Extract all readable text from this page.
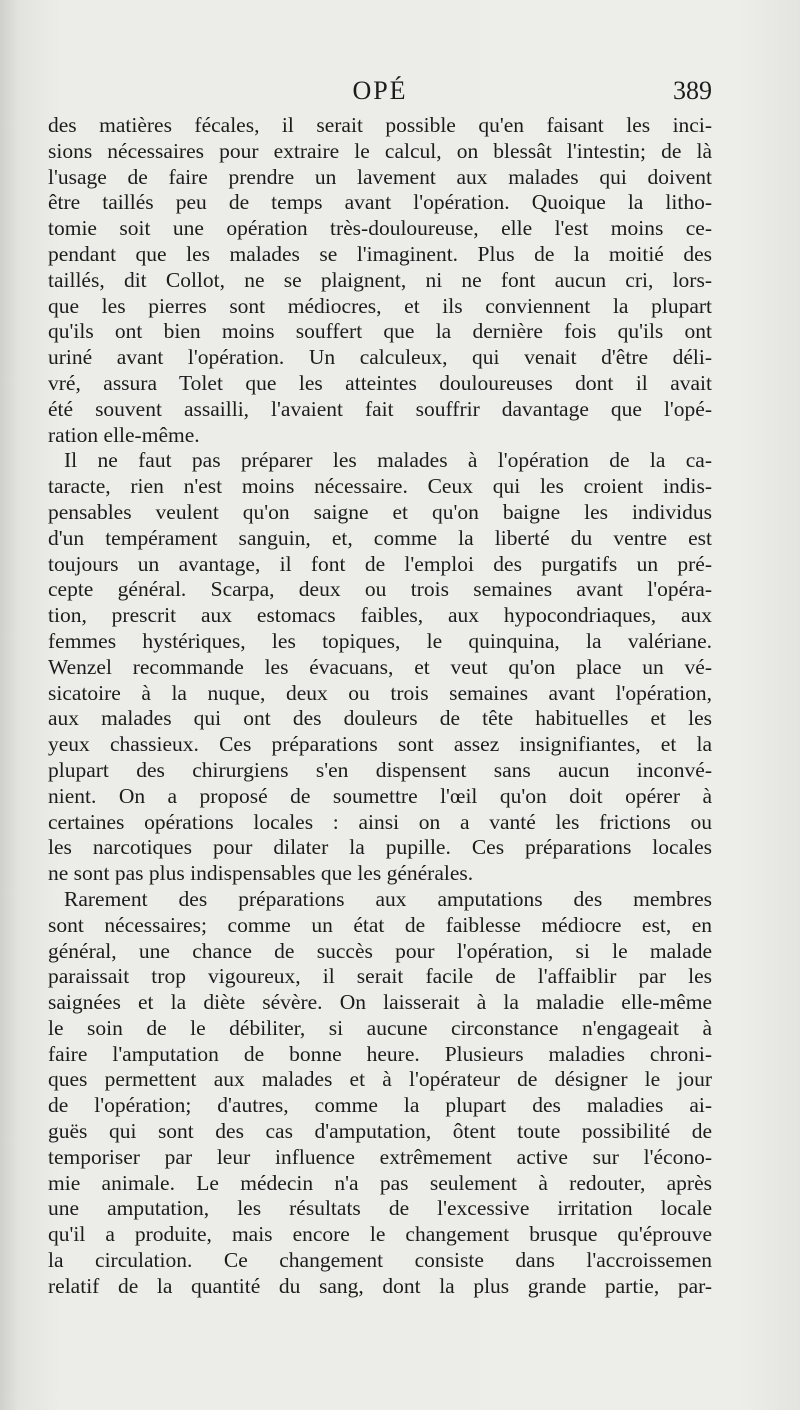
OPÉ	389
des matières fécales, il serait possible qu'en faisant les inci-
sions nécessaires pour extraire le calcul, on blessât l'intestin; de là
l'usage de faire prendre un lavement aux malades qui doivent
être taillés peu de temps avant l'opération. Quoique la litho-
tomie soit une opération très-douloureuse, elle l'est moins ce-
pendant que les malades se l'imaginent. Plus de la moitié des
taillés, dit Collot, ne se plaignent, ni ne font aucun cri, lors-
que les pierres sont médiocres, et ils conviennent la plupart
qu'ils ont bien moins souffert que la dernière fois qu'ils ont
uriné avant l'opération. Un calculeux, qui venait d'être déli-
vré, assura Tolet que les atteintes douloureuses dont il avait
été souvent assailli, l'avaient fait souffrir davantage que l'opé-
ration elle-même.
Il ne faut pas préparer les malades à l'opération de la ca-
taracte, rien n'est moins nécessaire. Ceux qui les croient indis-
pensables veulent qu'on saigne et qu'on baigne les individus
d'un tempérament sanguin, et, comme la liberté du ventre est
toujours un avantage, il font de l'emploi des purgatifs un pré-
cepte général. Scarpa, deux ou trois semaines avant l'opéra-
tion, prescrit aux estomacs faibles, aux hypocondriaques, aux
femmes hystériques, les topiques, le quinquina, la valériane.
Wenzel recommande les évacuans, et veut qu'on place un vé-
sicatoire à la nuque, deux ou trois semaines avant l'opération,
aux malades qui ont des douleurs de tête habituelles et les
yeux chassieux. Ces préparations sont assez insignifiantes, et la
plupart des chirurgiens s'en dispensent sans aucun inconvé-
nient. On a proposé de soumettre l'œil qu'on doit opérer à
certaines opérations locales : ainsi on a vanté les frictions ou
les narcotiques pour dilater la pupille. Ces préparations locales
ne sont pas plus indispensables que les générales.
Rarement des préparations aux amputations des membres
sont nécessaires; comme un état de faiblesse médiocre est, en
général, une chance de succès pour l'opération, si le malade
paraissait trop vigoureux, il serait facile de l'affaiblir par les
saignées et la diète sévère. On laisserait à la maladie elle-même
le soin de le débiliter, si aucune circonstance n'engageait à
faire l'amputation de bonne heure. Plusieurs maladies chroni-
ques permettent aux malades et à l'opérateur de désigner le jour
de l'opération; d'autres, comme la plupart des maladies ai-
guës qui sont des cas d'amputation, ôtent toute possibilité de
temporiser par leur influence extrêmement active sur l'écono-
mie animale. Le médecin n'a pas seulement à redouter, après
une amputation, les résultats de l'excessive irritation locale
qu'il a produite, mais encore le changement brusque qu'éprouve
la circulation. Ce changement consiste dans l'accroissemen
relatif de la quantité du sang, dont la plus grande partie, par-
